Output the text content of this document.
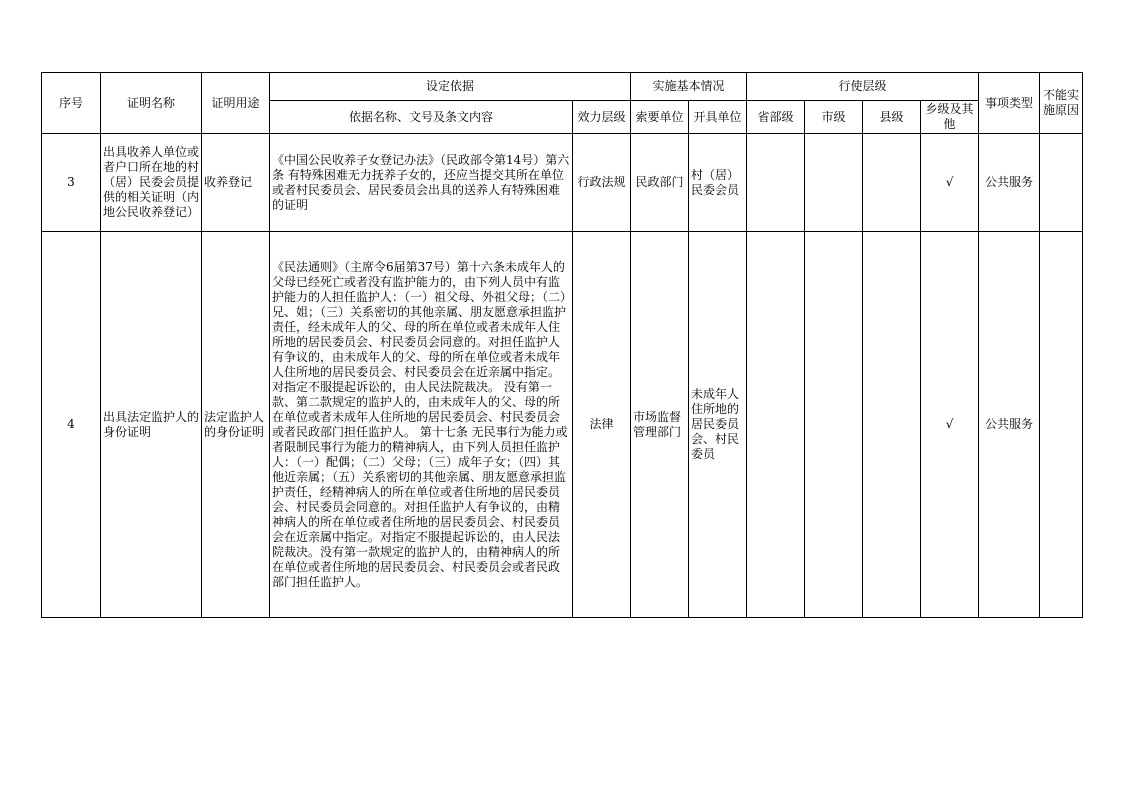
序号	证明名称	证明用途	设定依据		实施基本情况		行使层级				事项类型	不能实施原因
			依据名称、文号及条文内容	效力层级	索要单位	开具单位	省部级	市级	县级	乡级及其他		
3	出具收养人单位或者户口所在地的村（居）民委会员提供的相关证明（内地公民收养登记）	收养登记	《中国公民收养子女登记办法》（民政部令第14号）第六条 有特殊困难无力抚养子女的，还应当提交其所在单位或者村民委员会、居民委员会出具的送养人有特殊困难的证明	行政法规	民政部门	村（居）民委会员				√	公共服务	
4	出具法定监护人的身份证明	法定监护人的身份证明	《民法通则》（主席令6届第37号）第十六条未成年人的父母已经死亡或者没有监护能力的，由下列人员中有监护能力的人担任监护人：（一）祖父母、外祖父母；（二）兄、姐；（三）关系密切的其他亲属、朋友愿意承担监护责任，经未成年人的父、母的所在单位或者未成年人住所地的居民委员会、村民委员会同意的。对担任监护人有争议的，由未成年人的父、母的所在单位或者未成年人住所地的居民委员会、村民委员会在近亲属中指定。对指定不服提起诉讼的，由人民法院裁决。 没有第一款、第二款规定的监护人的，由未成年人的父、母的所在单位或者未成年人住所地的居民委员会、村民委员会或者民政部门担任监护人。 第十七条 无民事行为能力或者限制民事行为能力的精神病人，由下列人员担任监护人：（一）配偶；（二）父母；（三）成年子女；（四）其他近亲属；（五）关系密切的其他亲属、朋友愿意承担监护责任，经精神病人的所在单位或者住所地的居民委员会、村民委员会同意的。对担任监护人有争议的，由精神病人的所在单位或者住所地的居民委员会、村民委员会在近亲属中指定。对指定不服提起诉讼的，由人民法院裁决。没有第一款规定的监护人的，由精神病人的所在单位或者住所地的居民委员会、村民委员会或者民政部门担任监护人。	法律	市场监督管理部门	未成年人住所地的居民委员会、村民委员				√	公共服务	
